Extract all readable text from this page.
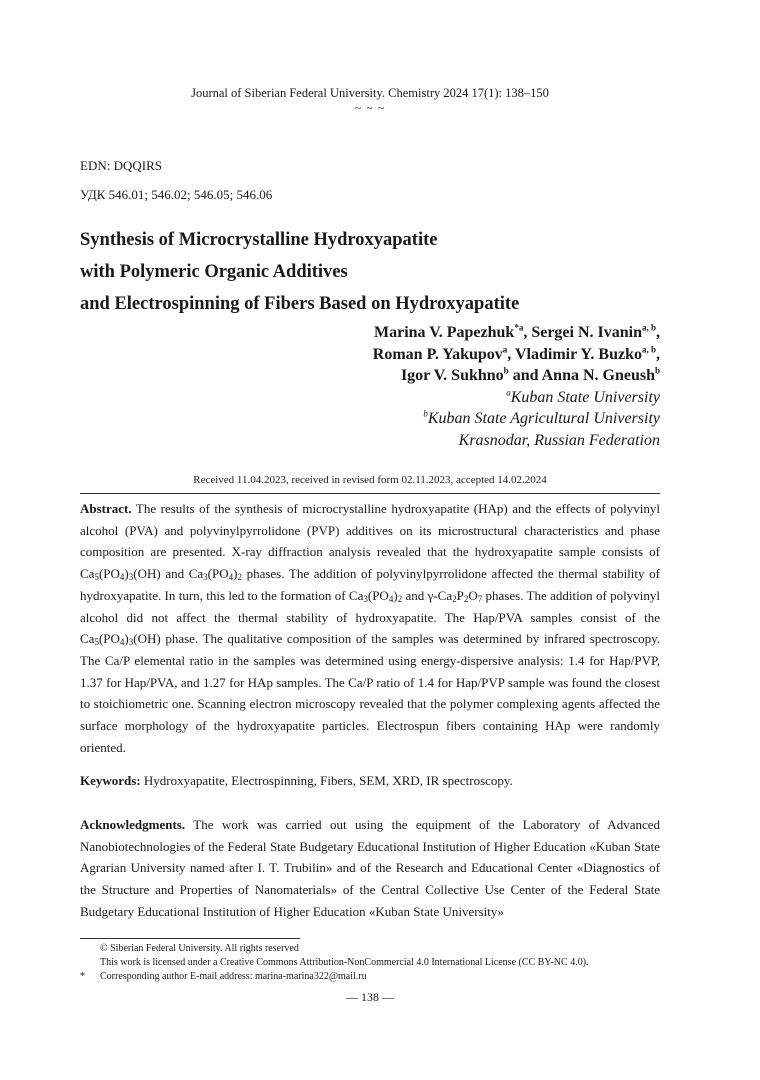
Journal of Siberian Federal University. Chemistry 2024 17(1): 138–150
~ ~ ~
EDN: DQQIRS
УДК 546.01; 546.02; 546.05; 546.06
Synthesis of Microcrystalline Hydroxyapatite
with Polymeric Organic Additives
and Electrospinning of Fibers Based on Hydroxyapatite
Marina V. Papezhuk$^{*a}$, Sergei N. Ivanin$^{a, b}$,
Roman P. Yakupov$^a$, Vladimir Y. Buzko$^{a, b}$,
Igor V. Sukhno$^b$ and Anna N. Gneush$^b$
$^a$Kuban State University
$^b$Kuban State Agricultural University
Krasnodar, Russian Federation
Received 11.04.2023, received in revised form 02.11.2023, accepted 14.02.2024
Abstract. The results of the synthesis of microcrystalline hydroxyapatite (HAp) and the effects of polyvinyl alcohol (PVA) and polyvinylpyrrolidone (PVP) additives on its microstructural characteristics and phase composition are presented. X-ray diffraction analysis revealed that the hydroxyapatite sample consists of $Ca_5(PO_4)_3(OH)$ and $Ca_3(PO_4)_2$ phases. The addition of polyvinylpyrrolidone affected the thermal stability of hydroxyapatite. In turn, this led to the formation of $Ca_3(PO_4)_2$ and $\gamma-Ca_2P_2O_7$ phases. The addition of polyvinyl alcohol did not affect the thermal stability of hydroxyapatite. The Hap/PVA samples consist of the $Ca_5(PO_4)_3(OH)$ phase. The qualitative composition of the samples was determined by infrared spectroscopy. The Ca/P elemental ratio in the samples was determined using energy-dispersive analysis: 1.4 for Hap/PVP, 1.37 for Hap/PVA, and 1.27 for HAp samples. The Ca/P ratio of 1.4 for Hap/PVP sample was found the closest to stoichiometric one. Scanning electron microscopy revealed that the polymer complexing agents affected the surface morphology of the hydroxyapatite particles. Electrospun fibers containing HAp were randomly oriented.
Keywords: Hydroxyapatite, Electrospinning, Fibers, SEM, XRD, IR spectroscopy.
Acknowledgments. The work was carried out using the equipment of the Laboratory of Advanced Nanobiotechnologies of the Federal State Budgetary Educational Institution of Higher Education «Kuban State Agrarian University named after I. T. Trubilin» and of the Research and Educational Center «Diagnostics of the Structure and Properties of Nanomaterials» of the Central Collective Use Center of the Federal State Budgetary Educational Institution of Higher Education «Kuban State University»
© Siberian Federal University. All rights reserved
This work is licensed under a Creative Commons Attribution-NonCommercial 4.0 International License (CC BY-NC 4.0).
* Corresponding author E-mail address: marina-marina322@mail.ru
— 138 —
